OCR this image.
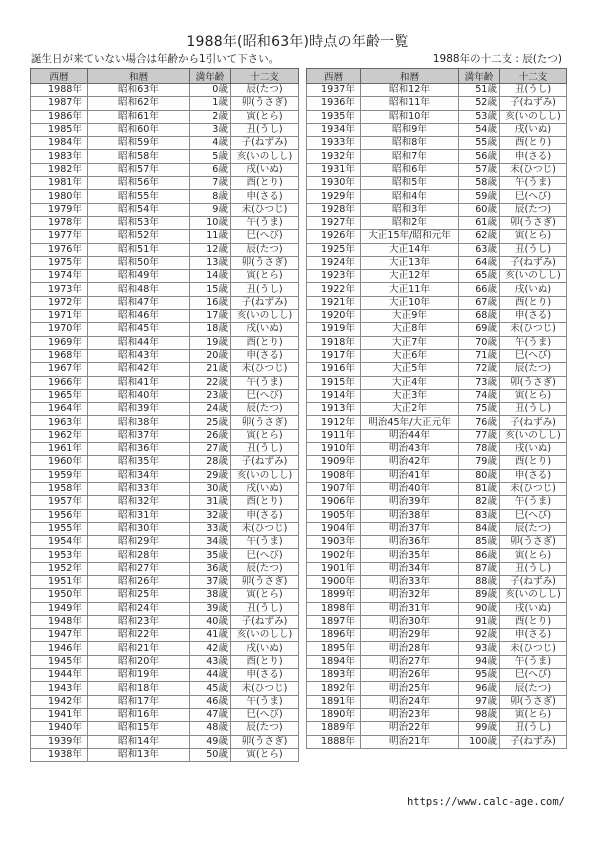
1988年(昭和63年)時点の年齢一覧
誕生日が来ていない場合は年齢から1引いて下さい。	1988年の十二支 : 辰(たつ)
西暦	和暦	満年齢	十二支
1988年	昭和63年	0歳	辰(たつ)
1987年	昭和62年	1歳	卯(うさぎ)
1986年	昭和61年	2歳	寅(とら)
1985年	昭和60年	3歳	丑(うし)
1984年	昭和59年	4歳	子(ねずみ)
1983年	昭和58年	5歳	亥(いのしし)
1982年	昭和57年	6歳	戌(いぬ)
1981年	昭和56年	7歳	酉(とり)
1980年	昭和55年	8歳	申(さる)
1979年	昭和54年	9歳	未(ひつじ)
1978年	昭和53年	10歳	午(うま)
1977年	昭和52年	11歳	巳(へび)
1976年	昭和51年	12歳	辰(たつ)
1975年	昭和50年	13歳	卯(うさぎ)
1974年	昭和49年	14歳	寅(とら)
1973年	昭和48年	15歳	丑(うし)
1972年	昭和47年	16歳	子(ねずみ)
1971年	昭和46年	17歳	亥(いのしし)
1970年	昭和45年	18歳	戌(いぬ)
1969年	昭和44年	19歳	酉(とり)
1968年	昭和43年	20歳	申(さる)
1967年	昭和42年	21歳	未(ひつじ)
1966年	昭和41年	22歳	午(うま)
1965年	昭和40年	23歳	巳(へび)
1964年	昭和39年	24歳	辰(たつ)
1963年	昭和38年	25歳	卯(うさぎ)
1962年	昭和37年	26歳	寅(とら)
1961年	昭和36年	27歳	丑(うし)
1960年	昭和35年	28歳	子(ねずみ)
1959年	昭和34年	29歳	亥(いのしし)
1958年	昭和33年	30歳	戌(いぬ)
1957年	昭和32年	31歳	酉(とり)
1956年	昭和31年	32歳	申(さる)
1955年	昭和30年	33歳	未(ひつじ)
1954年	昭和29年	34歳	午(うま)
1953年	昭和28年	35歳	巳(へび)
1952年	昭和27年	36歳	辰(たつ)
1951年	昭和26年	37歳	卯(うさぎ)
1950年	昭和25年	38歳	寅(とら)
1949年	昭和24年	39歳	丑(うし)
1948年	昭和23年	40歳	子(ねずみ)
1947年	昭和22年	41歳	亥(いのしし)
1946年	昭和21年	42歳	戌(いぬ)
1945年	昭和20年	43歳	酉(とり)
1944年	昭和19年	44歳	申(さる)
1943年	昭和18年	45歳	未(ひつじ)
1942年	昭和17年	46歳	午(うま)
1941年	昭和16年	47歳	巳(へび)
1940年	昭和15年	48歳	辰(たつ)
1939年	昭和14年	49歳	卯(うさぎ)
1938年	昭和13年	50歳	寅(とら)
西暦	和暦	満年齢	十二支
1937年	昭和12年	51歳	丑(うし)
1936年	昭和11年	52歳	子(ねずみ)
1935年	昭和10年	53歳	亥(いのしし)
1934年	昭和9年	54歳	戌(いぬ)
1933年	昭和8年	55歳	酉(とり)
1932年	昭和7年	56歳	申(さる)
1931年	昭和6年	57歳	未(ひつじ)
1930年	昭和5年	58歳	午(うま)
1929年	昭和4年	59歳	巳(へび)
1928年	昭和3年	60歳	辰(たつ)
1927年	昭和2年	61歳	卯(うさぎ)
1926年	大正15年/昭和元年	62歳	寅(とら)
1925年	大正14年	63歳	丑(うし)
1924年	大正13年	64歳	子(ねずみ)
1923年	大正12年	65歳	亥(いのしし)
1922年	大正11年	66歳	戌(いぬ)
1921年	大正10年	67歳	酉(とり)
1920年	大正9年	68歳	申(さる)
1919年	大正8年	69歳	未(ひつじ)
1918年	大正7年	70歳	午(うま)
1917年	大正6年	71歳	巳(へび)
1916年	大正5年	72歳	辰(たつ)
1915年	大正4年	73歳	卯(うさぎ)
1914年	大正3年	74歳	寅(とら)
1913年	大正2年	75歳	丑(うし)
1912年	明治45年/大正元年	76歳	子(ねずみ)
1911年	明治44年	77歳	亥(いのしし)
1910年	明治43年	78歳	戌(いぬ)
1909年	明治42年	79歳	酉(とり)
1908年	明治41年	80歳	申(さる)
1907年	明治40年	81歳	未(ひつじ)
1906年	明治39年	82歳	午(うま)
1905年	明治38年	83歳	巳(へび)
1904年	明治37年	84歳	辰(たつ)
1903年	明治36年	85歳	卯(うさぎ)
1902年	明治35年	86歳	寅(とら)
1901年	明治34年	87歳	丑(うし)
1900年	明治33年	88歳	子(ねずみ)
1899年	明治32年	89歳	亥(いのしし)
1898年	明治31年	90歳	戌(いぬ)
1897年	明治30年	91歳	酉(とり)
1896年	明治29年	92歳	申(さる)
1895年	明治28年	93歳	未(ひつじ)
1894年	明治27年	94歳	午(うま)
1893年	明治26年	95歳	巳(へび)
1892年	明治25年	96歳	辰(たつ)
1891年	明治24年	97歳	卯(うさぎ)
1890年	明治23年	98歳	寅(とら)
1889年	明治22年	99歳	丑(うし)
1888年	明治21年	100歳	子(ねずみ)
https://www.calc-age.com/
